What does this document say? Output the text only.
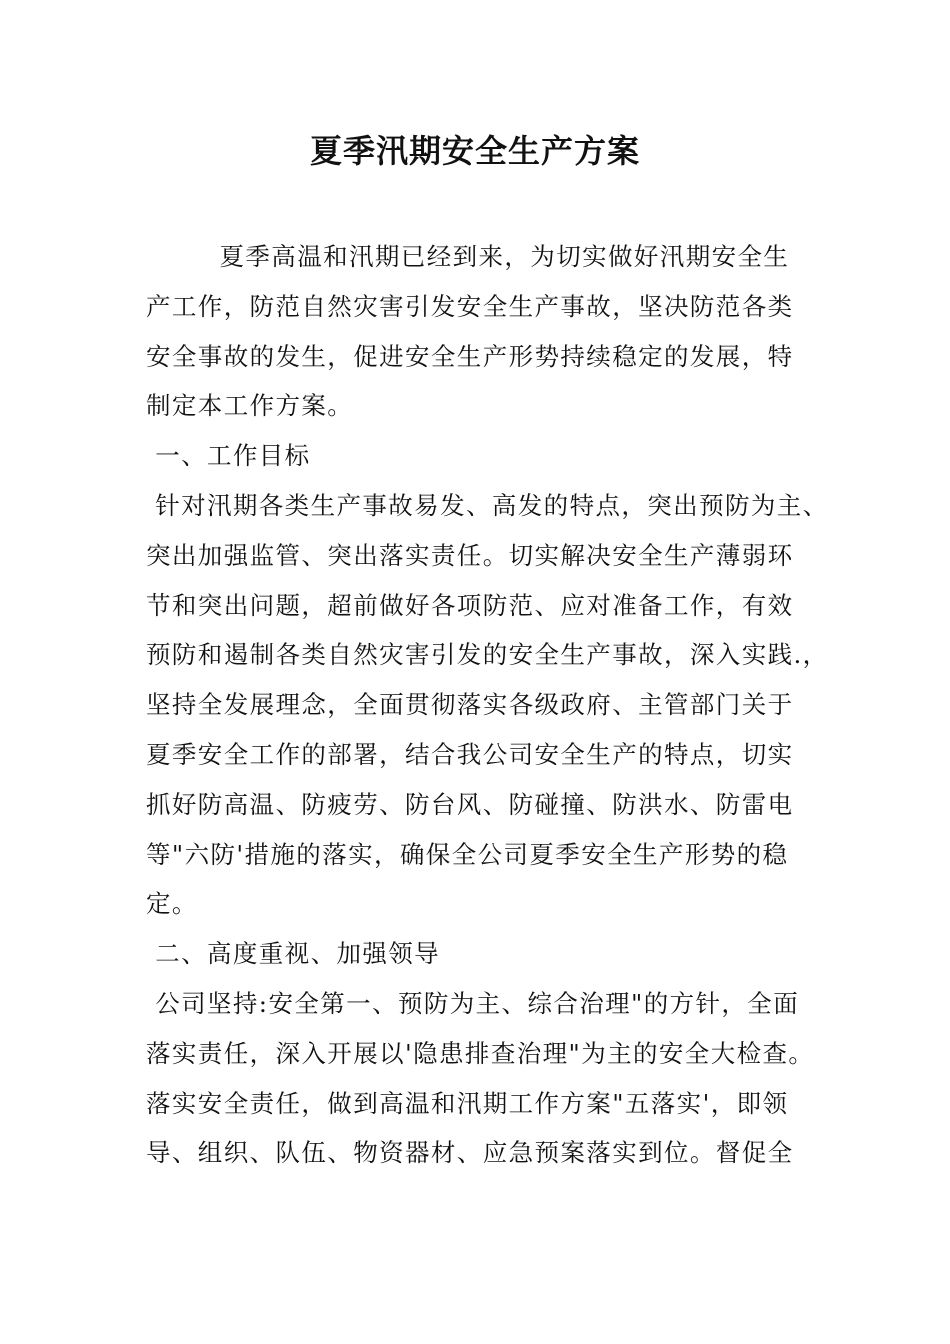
夏季汛期安全生产方案
夏季高温和汛期已经到来，为切实做好汛期安全生
产工作，防范自然灾害引发安全生产事故，坚决防范各类
安全事故的发生，促进安全生产形势持续稳定的发展，特
制定本工作方案。
一、工作目标
针对汛期各类生产事故易发、高发的特点，突出预防为主、
突出加强监管、突出落实责任。切实解决安全生产薄弱环
节和突出问题，超前做好各项防范、应对准备工作，有效
预防和遏制各类自然灾害引发的安全生产事故，深入实践.，
坚持全发展理念，全面贯彻落实各级政府、主管部门关于
夏季安全工作的部署，结合我公司安全生产的特点，切实
抓好防高温、防疲劳、防台风、防碰撞、防洪水、防雷电
等"六防'措施的落实，确保全公司夏季安全生产形势的稳
定。
二、高度重视、加强领导
公司坚持:安全第一、预防为主、综合治理"的方针，全面
落实责任，深入开展以'隐患排查治理"为主的安全大检查。
落实安全责任，做到高温和汛期工作方案"五落实'，即领
导、组织、队伍、物资器材、应急预案落实到位。督促全
